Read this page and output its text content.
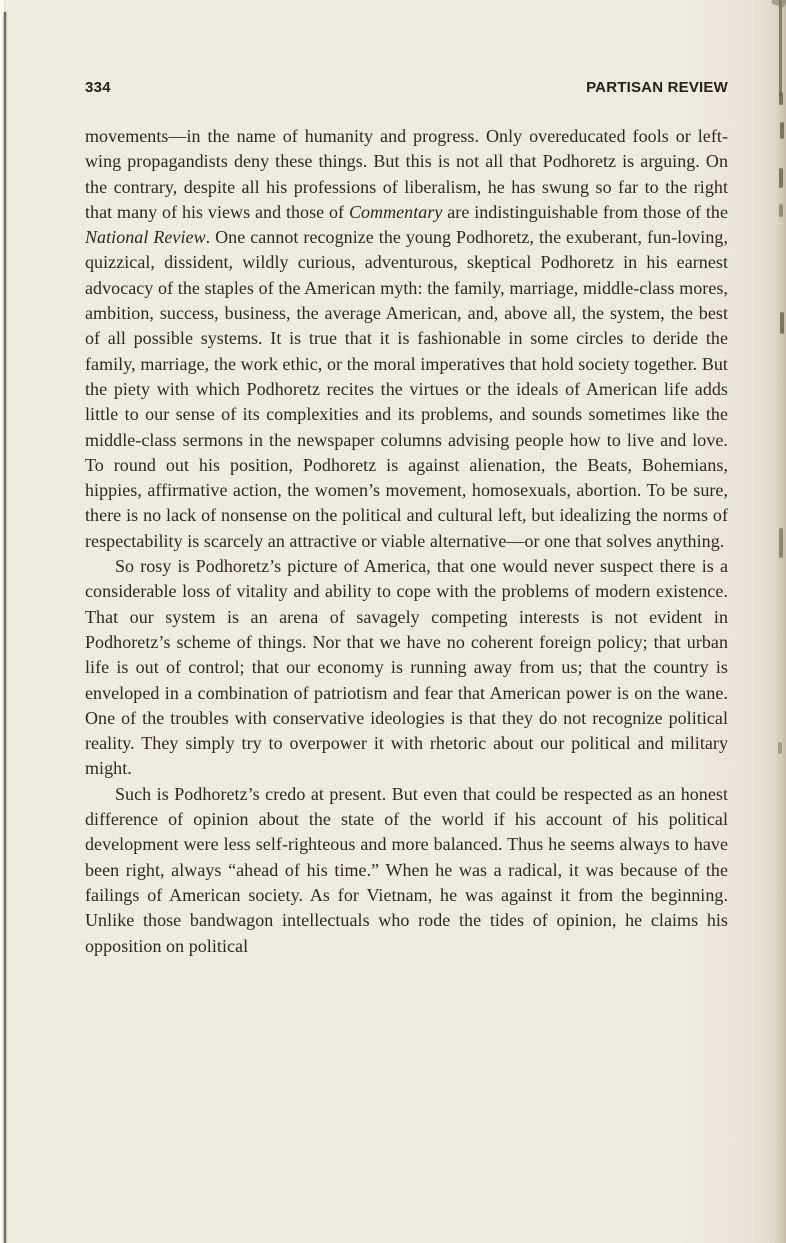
334	PARTISAN REVIEW

movements—in the name of humanity and progress. Only overeducated fools or left-wing propagandists deny these things. But this is not all that Podhoretz is arguing. On the contrary, despite all his professions of liberalism, he has swung so far to the right that many of his views and those of Commentary are indistinguishable from those of the National Review. One cannot recognize the young Podhoretz, the exuberant, fun-loving, quizzical, dissident, wildly curious, adventurous, skeptical Podhoretz in his earnest advocacy of the staples of the American myth: the family, marriage, middle-class mores, ambition, success, business, the average American, and, above all, the system, the best of all possible systems. It is true that it is fashionable in some circles to deride the family, marriage, the work ethic, or the moral imperatives that hold society together. But the piety with which Podhoretz recites the virtues or the ideals of American life adds little to our sense of its complexities and its problems, and sounds sometimes like the middle-class sermons in the newspaper columns advising people how to live and love. To round out his position, Podhoretz is against alienation, the Beats, Bohemians, hippies, affirmative action, the women’s movement, homosexuals, abortion. To be sure, there is no lack of nonsense on the political and cultural left, but idealizing the norms of respectability is scarcely an attractive or viable alternative—or one that solves anything.

So rosy is Podhoretz’s picture of America, that one would never suspect there is a considerable loss of vitality and ability to cope with the problems of modern existence. That our system is an arena of savagely competing interests is not evident in Podhoretz’s scheme of things. Nor that we have no coherent foreign policy; that urban life is out of control; that our economy is running away from us; that the country is enveloped in a combination of patriotism and fear that American power is on the wane. One of the troubles with conservative ideologies is that they do not recognize political reality. They simply try to overpower it with rhetoric about our political and military might.

Such is Podhoretz’s credo at present. But even that could be respected as an honest difference of opinion about the state of the world if his account of his political development were less self-righteous and more balanced. Thus he seems always to have been right, always “ahead of his time.” When he was a radical, it was because of the failings of American society. As for Vietnam, he was against it from the beginning. Unlike those bandwagon intellectuals who rode the tides of opinion, he claims his opposition on political
